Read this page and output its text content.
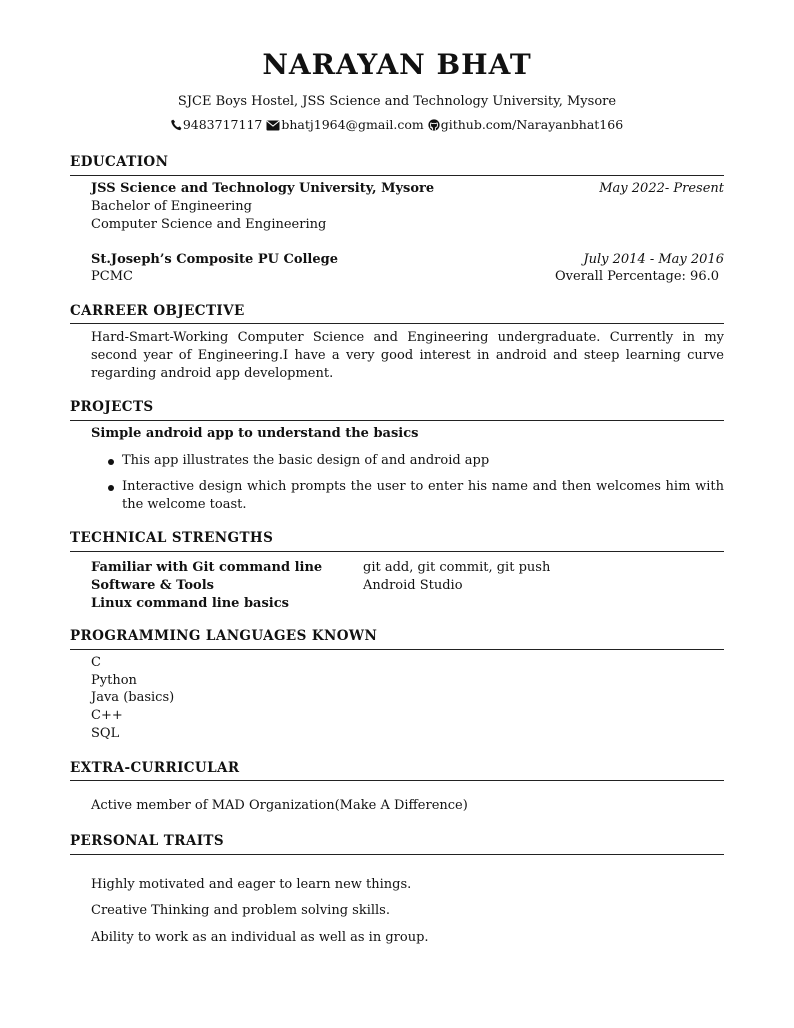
NARAYAN BHAT
SJCE Boys Hostel, JSS Science and Technology University, Mysore
9483717117 bhatj1964@gmail.com github.com/Narayanbhat166
EDUCATION
JSS Science and Technology University, Mysore	May 2022- Present
Bachelor of Engineering
Computer Science and Engineering
St.Joseph’s Composite PU College	July 2014 - May 2016
PCMC	Overall Percentage: 96.0
CARREER OBJECTIVE
Hard-Smart-Working Computer Science and Engineering undergraduate. Currently in my second year of Engineering.I have a very good interest in android and steep learning curve regarding android app development.
PROJECTS
Simple android app to understand the basics
This app illustrates the basic design of and android app
Interactive design which prompts the user to enter his name and then welcomes him with the welcome toast.
TECHNICAL STRENGTHS
Familiar with Git command line	git add, git commit, git push
Software & Tools	Android Studio
Linux command line basics
PROGRAMMING LANGUAGES KNOWN
C
Python
Java (basics)
C++
SQL
EXTRA-CURRICULAR
Active member of MAD Organization(Make A Difference)
PERSONAL TRAITS
Highly motivated and eager to learn new things.
Creative Thinking and problem solving skills.
Ability to work as an individual as well as in group.
